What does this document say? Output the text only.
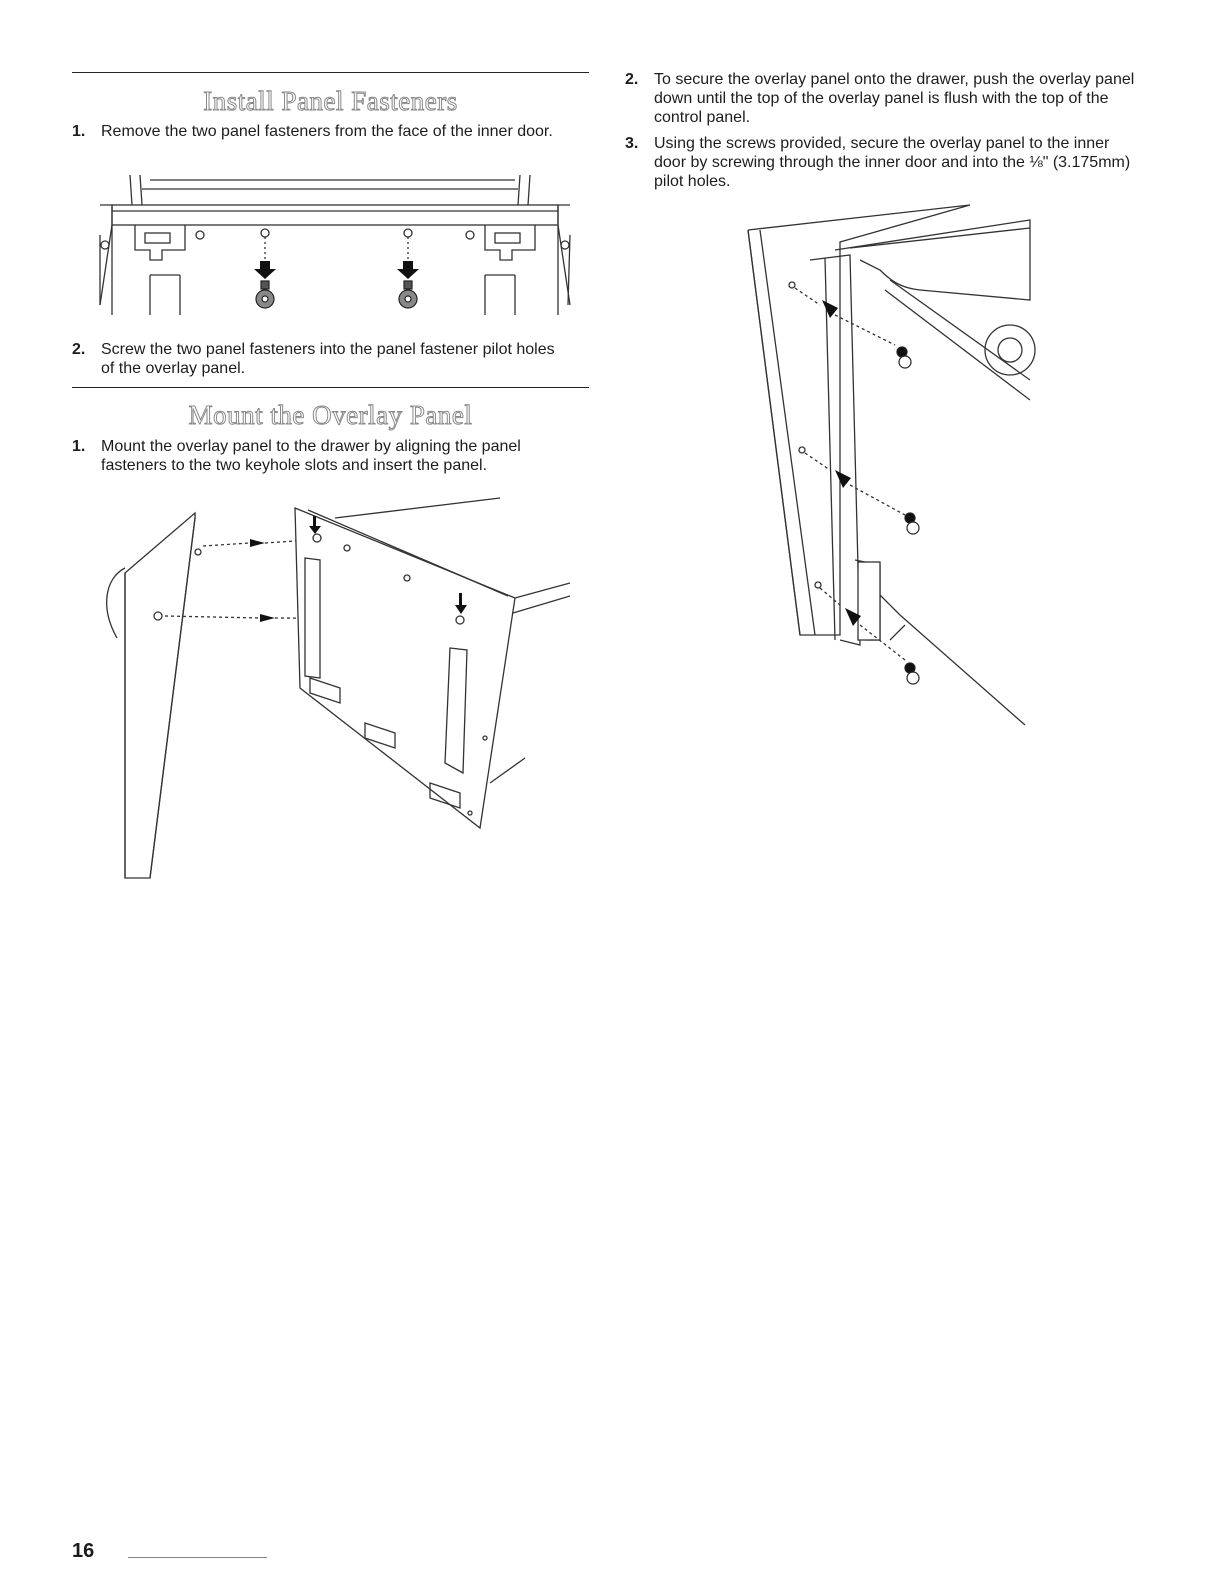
Install Panel Fasteners
1. Remove the two panel fasteners from the face of the inner door.
2. Screw the two panel fasteners into the panel fastener pilot holes of the overlay panel.
Mount the Overlay Panel
1. Mount the overlay panel to the drawer by aligning the panel fasteners to the two keyhole slots and insert the panel.
2. To secure the overlay panel onto the drawer, push the overlay panel down until the top of the overlay panel is flush with the top of the control panel.
3. Using the screws provided, secure the overlay panel to the inner door by screwing through the inner door and into the ⅛" (3.175mm) pilot holes.
16
